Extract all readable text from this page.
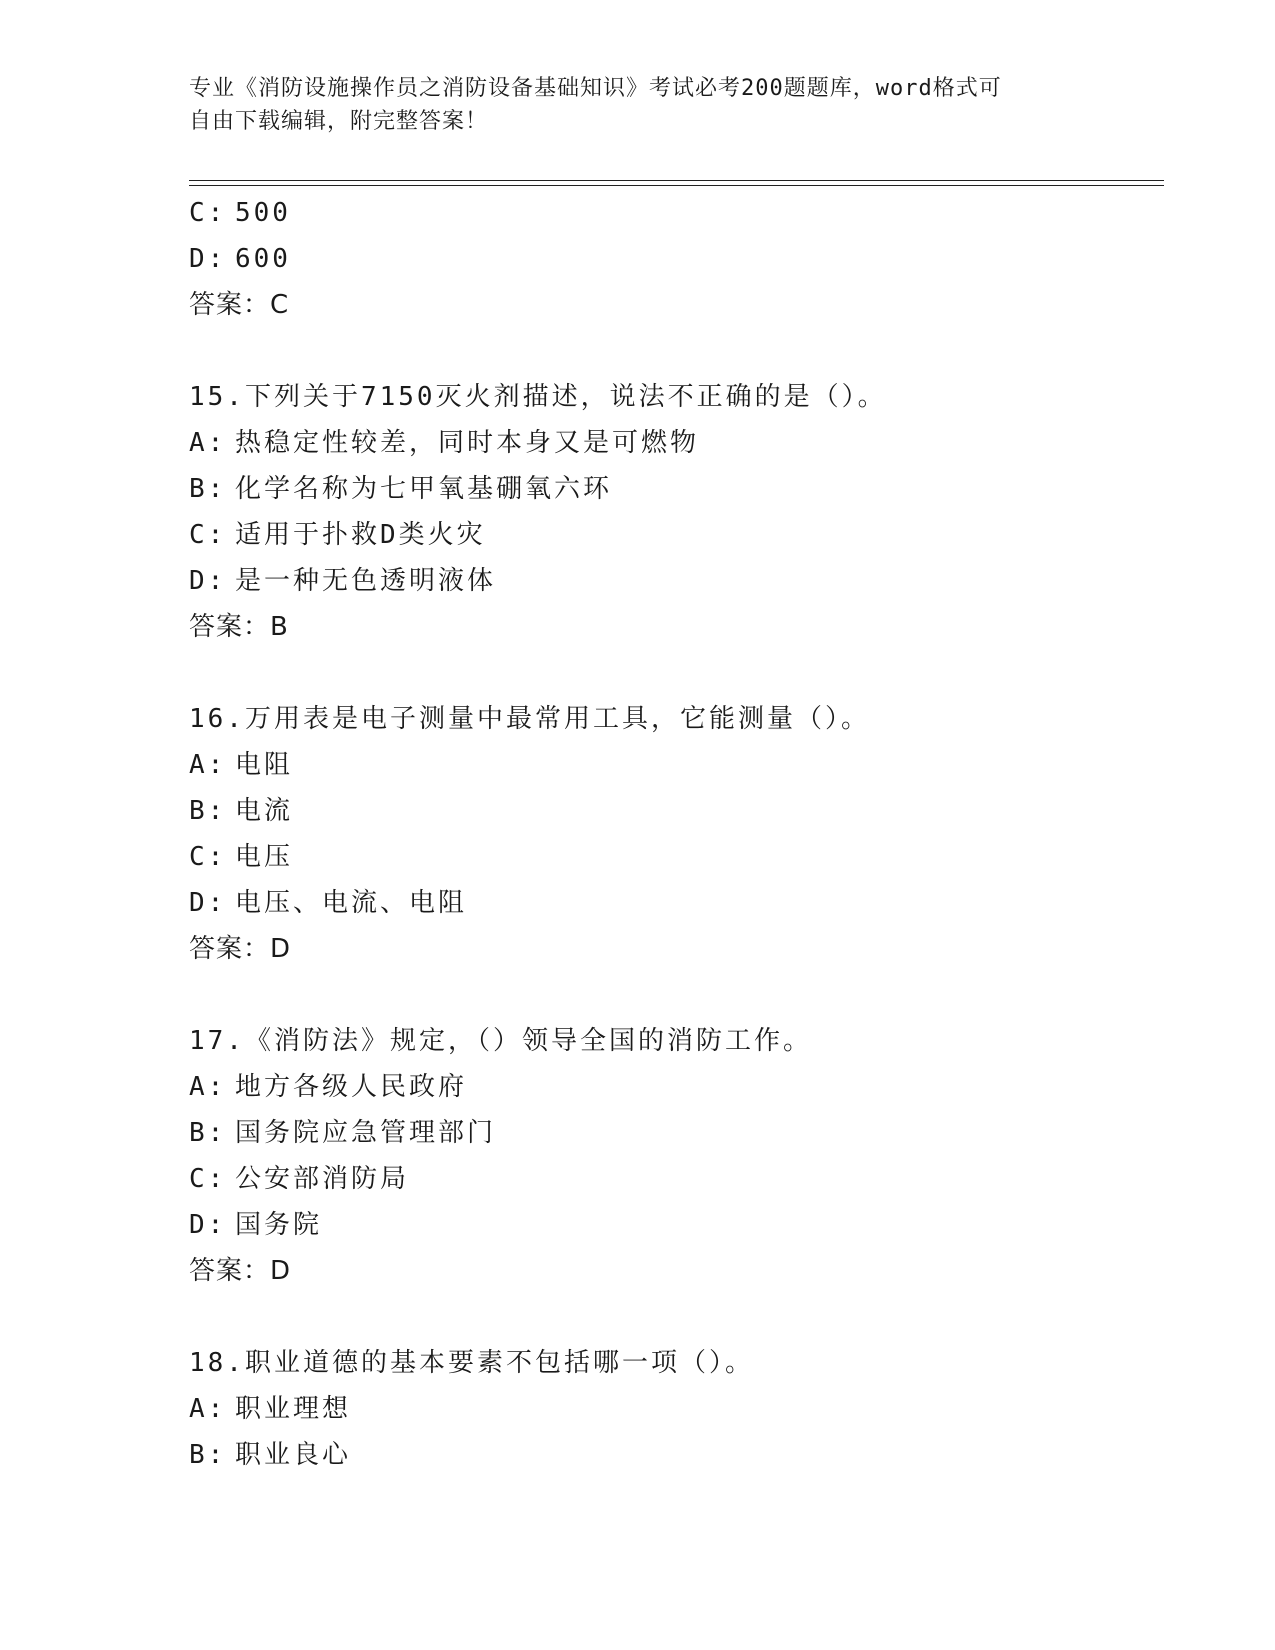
专业《消防设施操作员之消防设备基础知识》考试必考200题题库，word格式可
自由下载编辑，附完整答案！
C: 500
D: 600
答案：C
15.下列关于7150灭火剂描述，说法不正确的是（）。
A: 热稳定性较差，同时本身又是可燃物
B: 化学名称为七甲氧基硼氧六环
C: 适用于扑救D类火灾
D: 是一种无色透明液体
答案：B
16.万用表是电子测量中最常用工具，它能测量（）。
A: 电阻
B: 电流
C: 电压
D: 电压、电流、电阻
答案：D
17.《消防法》规定，（）领导全国的消防工作。
A: 地方各级人民政府
B: 国务院应急管理部门
C: 公安部消防局
D: 国务院
答案：D
18.职业道德的基本要素不包括哪一项（）。
A: 职业理想
B: 职业良心
